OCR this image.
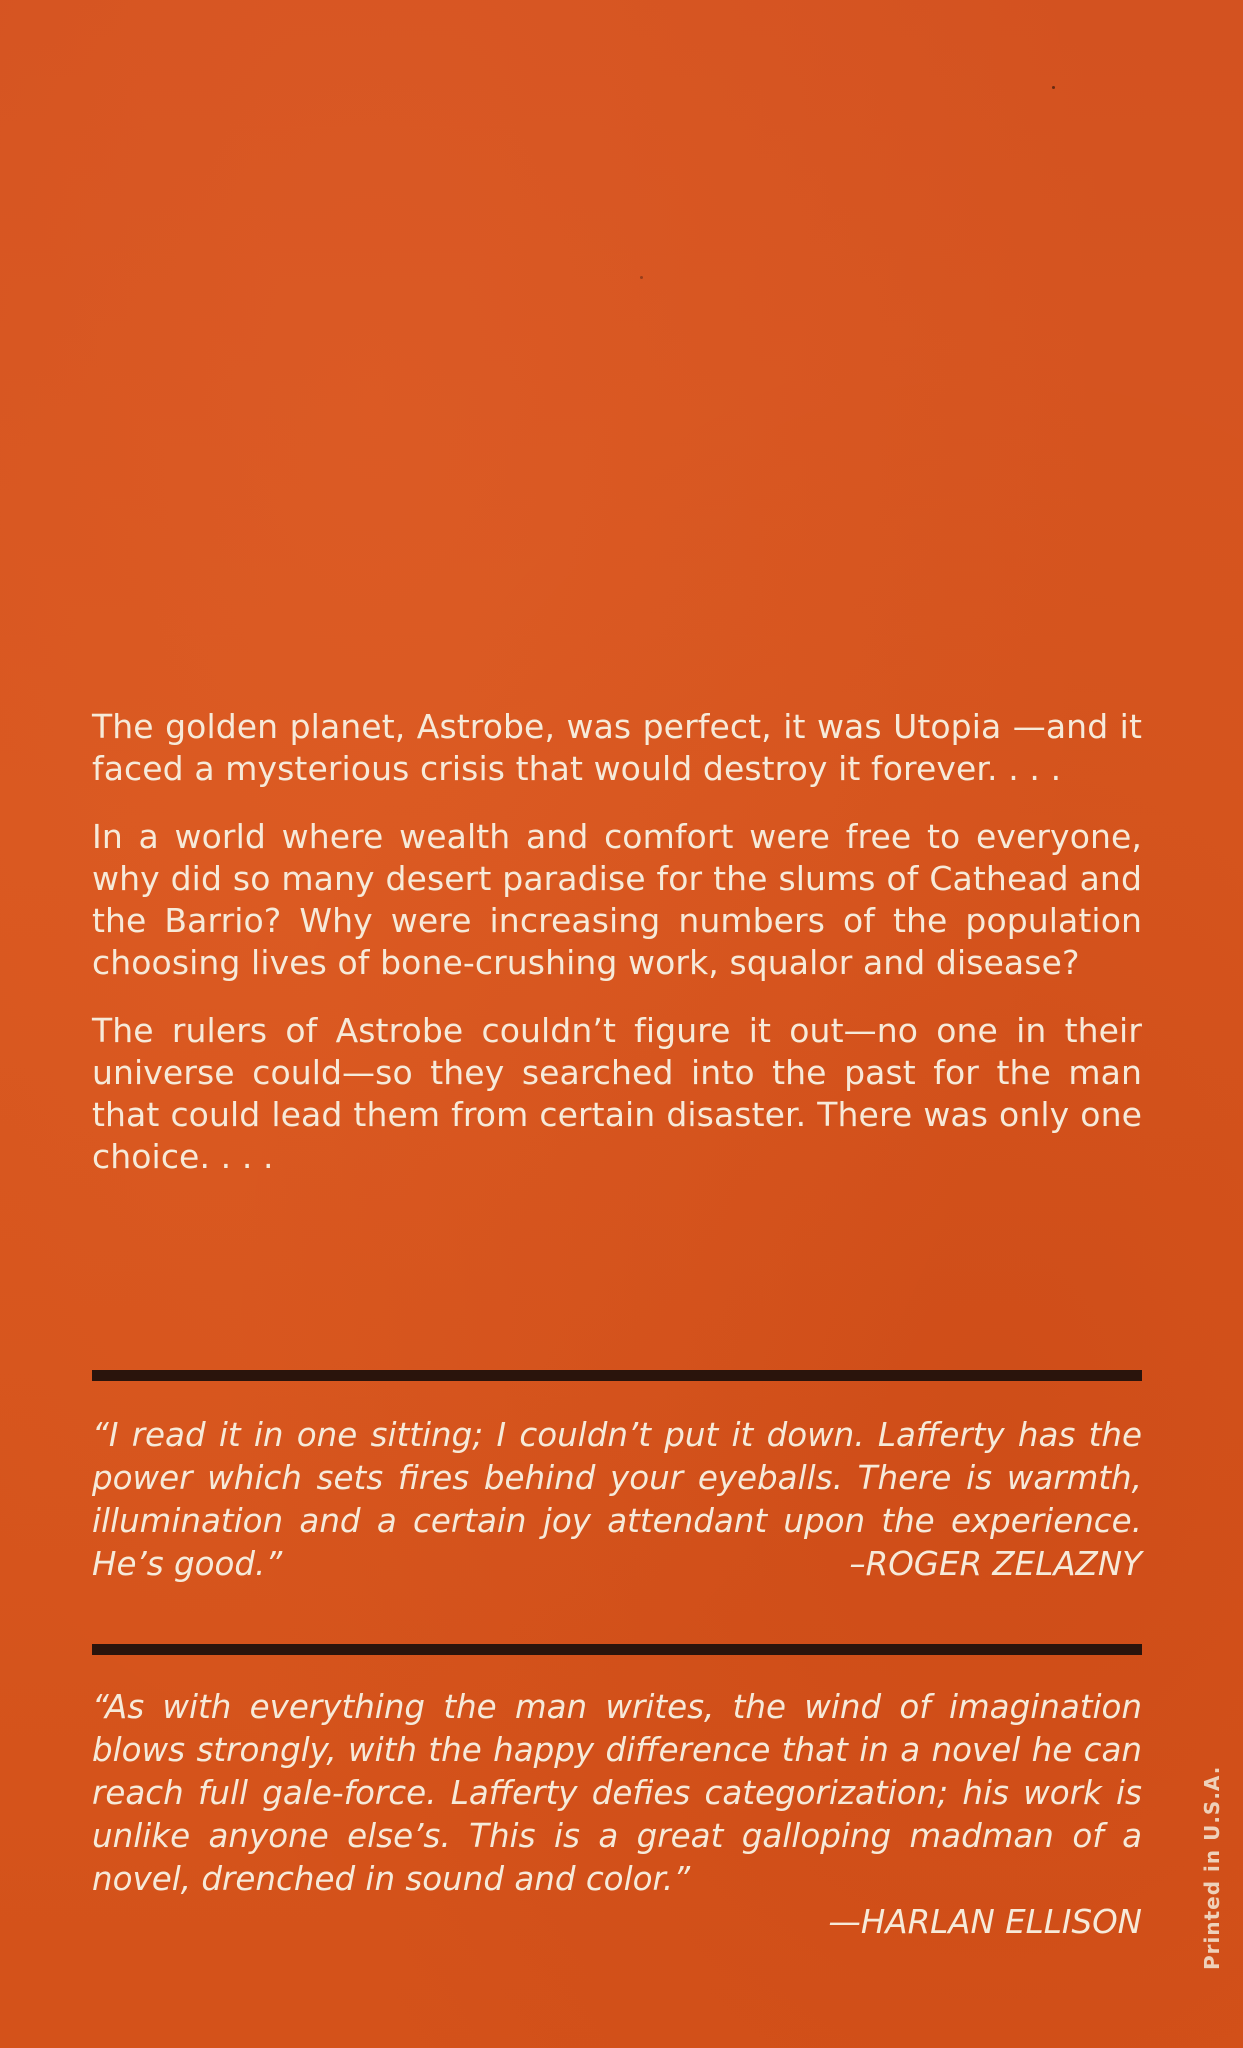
The golden planet, Astrobe, was perfect, it was Utopia —and it faced a mysterious crisis that would destroy it forever. . . .

In a world where wealth and comfort were free to everyone, why did so many desert paradise for the slums of Cathead and the Barrio? Why were increasing numbers of the population choosing lives of bone-crushing work, squalor and disease?

The rulers of Astrobe couldn’t figure it out—no one in their universe could—so they searched into the past for the man that could lead them from certain disaster. There was only one choice. . . .

“I read it in one sitting; I couldn’t put it down. Lafferty has the power which sets fires behind your eyeballs. There is warmth, illumination and a certain joy attendant upon the experience. He’s good.”	–ROGER ZELAZNY
“As with everything the man writes, the wind of imagination blows strongly, with the happy difference that in a novel he can reach full gale-force. Lafferty defies categorization; his work is unlike anyone else’s. This is a great galloping madman of a novel, drenched in sound and color.”
—HARLAN ELLISON	Printed in U.S.A.
